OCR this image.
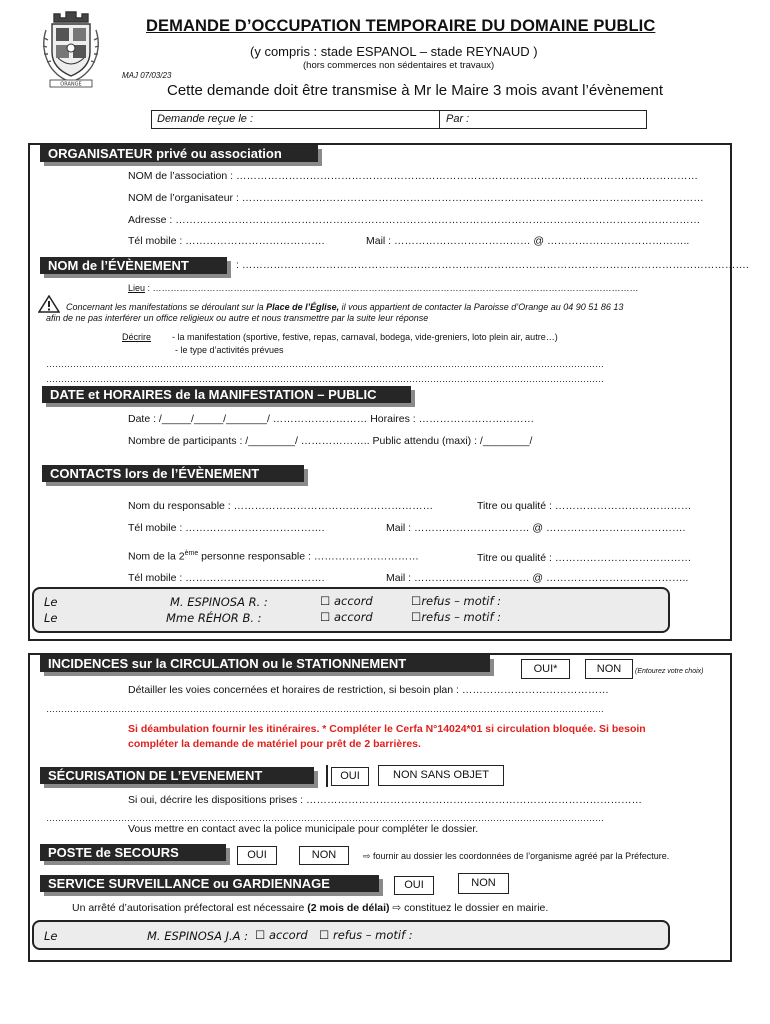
ORANGE
DEMANDE D’OCCUPATION TEMPORAIRE DU DOMAINE PUBLIC
(y compris : stade ESPANOL – stade REYNAUD )
(hors commerces non sédentaires et travaux)
MAJ 07/03/23
Cette demande doit être transmise à Mr le Maire 3 mois avant l’évènement
Demande reçue le :	Par :
ORGANISATEUR privé ou association
NOM de l’association : ……………………………………………………………………………………………………………………
NOM de l’organisateur : ……………………………………………………………………………………………………………………
Adresse : ……………………………………………………………………………………………………………………………………
Tél mobile : ………………………………….	Mail : ………………………………… @ …………………………………..
NOM de l’ÉVÈNEMENT	: ……………………………………………………………………………………………………………………………….
Lieu : ………………………………………………………………………………………………………………………………………………
Concernant les manifestations se déroulant sur la Place de l’Église, il vous appartient de contacter la Paroisse d’Orange au 04 90 51 86 13
afin de ne pas interférer un office religieux ou autre et nous transmettre par la suite leur réponse
Décrire - la manifestation (sportive, festive, repas, carnaval, bodega, vide-greniers, loto plein air, autre…)
- le type d’activités prévues
……………………………………………………………………………………………………………………………………………………………………
……………………………………………………………………………………………………………………………………………………………………
DATE et HORAIRES de la MANIFESTATION – PUBLIC
Date : /_____/_____/_______/ ……………………… Horaires : ……………………………
Nombre de participants : /________/ ……………….. Public attendu (maxi) : /________/
CONTACTS lors de l’ÉVÈNEMENT
Nom du responsable : …………………………………………………	Titre ou qualité : …………………………………
Tél mobile : ………………………………….	Mail : …………………………… @ ………………………………….
Nom de la 2ème personne responsable : …………………………	Titre ou qualité : …………………………………
Tél mobile : ………………………………….	Mail : …………………………… @ …………………………………..
Le	M. ESPINOSA R. :	☐ accord	☐refus – motif :
Le	Mme RÉHOR B. :	☐ accord	☐refus – motif :
INCIDENCES sur la CIRCULATION ou le STATIONNEMENT	OUI*	NON	(Entourez votre choix)
Détailler les voies concernées et horaires de restriction, si besoin plan : ……………………………………
……………………………………………………………………………………………………………………………………………………………………
Si déambulation fournir les itinéraires. * Compléter le Cerfa N°14024*01 si circulation bloquée. Si besoin
compléter la demande de matériel pour prêt de 2 barrières.
SÉCURISATION DE L’EVENEMENT	OUI	NON SANS OBJET
Si oui, décrire les dispositions prises : ……………………………………………………………………………………
……………………………………………………………………………………………………………………………………………………………………
Vous mettre en contact avec la police municipale pour compléter le dossier.
POSTE de SECOURS	OUI	NON	⇨ fournir au dossier les coordonnées de l’organisme agréé par la Préfecture.
SERVICE SURVEILLANCE ou GARDIENNAGE	OUI	NON
Un arrêté d’autorisation préfectoral est nécessaire (2 mois de délai) ⇨ constituez le dossier en mairie.
Le	M. ESPINOSA J.A : ☐ accord ☐ refus – motif :
